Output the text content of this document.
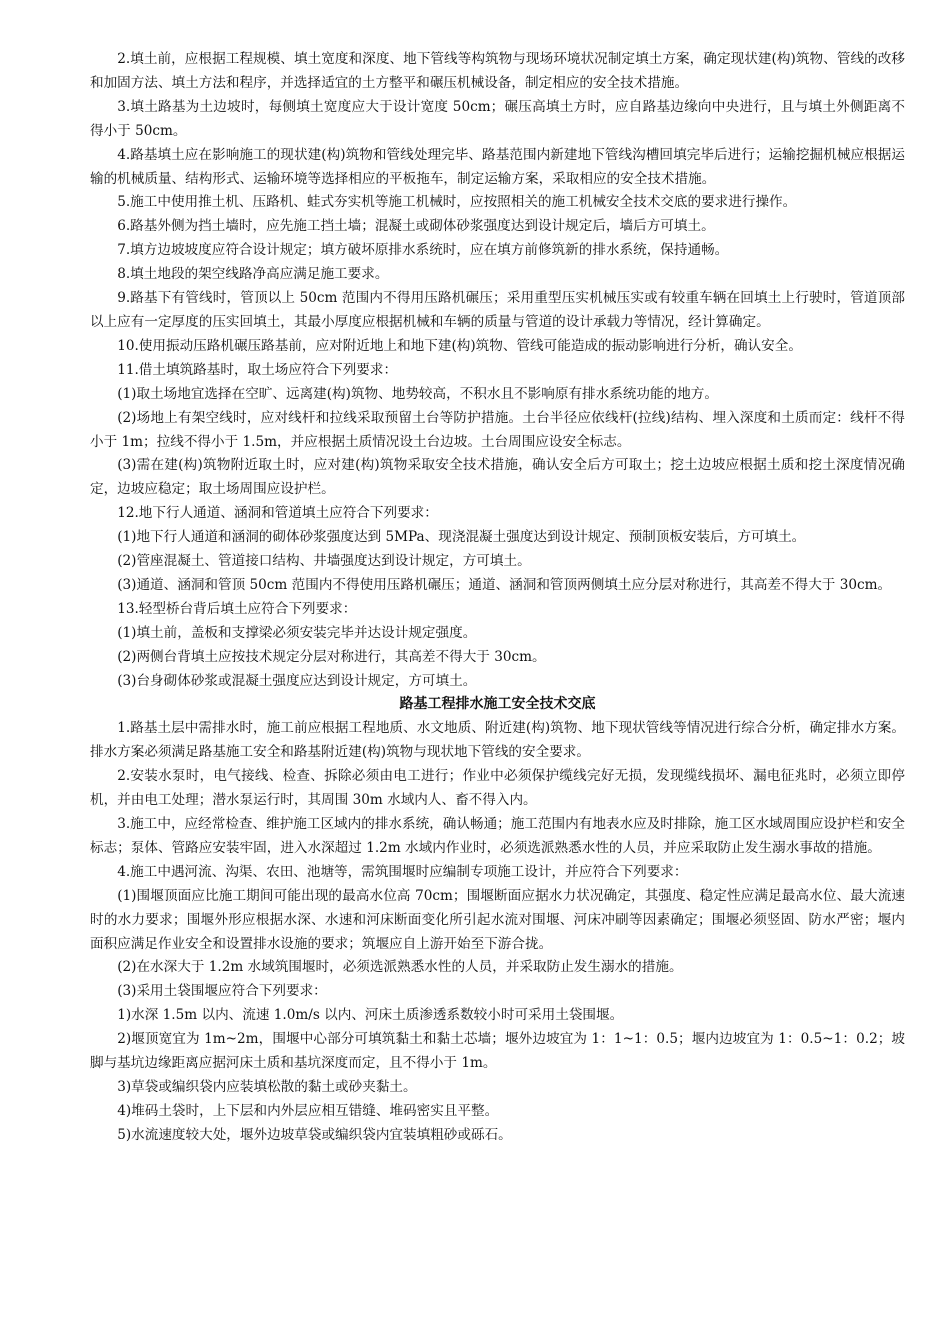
2.填土前，应根据工程规模、填土宽度和深度、地下管线等构筑物与现场环境状况制定填土方案，确定现状建(构)筑物、管线的改移和加固方法、填土方法和程序，并选择适宜的土方整平和碾压机械设备，制定相应的安全技术措施。

3.填土路基为土边坡时，每侧填土宽度应大于设计宽度 50cm；碾压高填土方时，应自路基边缘向中央进行，且与填土外侧距离不得小于 50cm。

4.路基填土应在影响施工的现状建(构)筑物和管线处理完毕、路基范围内新建地下管线沟槽回填完毕后进行；运输挖掘机械应根据运输的机械质量、结构形式、运输环境等选择相应的平板拖车，制定运输方案，采取相应的安全技术措施。

5.施工中使用推土机、压路机、蛙式夯实机等施工机械时，应按照相关的施工机械安全技术交底的要求进行操作。

6.路基外侧为挡土墙时，应先施工挡土墙；混凝土或砌体砂浆强度达到设计规定后，墙后方可填土。

7.填方边坡坡度应符合设计规定；填方破坏原排水系统时，应在填方前修筑新的排水系统，保持通畅。

8.填土地段的架空线路净高应满足施工要求。

9.路基下有管线时，管顶以上 50cm 范围内不得用压路机碾压；采用重型压实机械压实或有较重车辆在回填土上行驶时，管道顶部以上应有一定厚度的压实回填土，其最小厚度应根据机械和车辆的质量与管道的设计承载力等情况，经计算确定。

10.使用振动压路机碾压路基前，应对附近地上和地下建(构)筑物、管线可能造成的振动影响进行分析，确认安全。

11.借土填筑路基时，取土场应符合下列要求：

(1)取土场地宜选择在空旷、远离建(构)筑物、地势较高，不积水且不影响原有排水系统功能的地方。

(2)场地上有架空线时，应对线杆和拉线采取预留土台等防护措施。土台半径应依线杆(拉线)结构、埋入深度和土质而定：线杆不得小于 1m；拉线不得小于 1.5m，并应根据土质情况设土台边坡。土台周围应设安全标志。

(3)需在建(构)筑物附近取土时，应对建(构)筑物采取安全技术措施，确认安全后方可取土；挖土边坡应根据土质和挖土深度情况确定，边坡应稳定；取土场周围应设护栏。

12.地下行人通道、涵洞和管道填土应符合下列要求：

(1)地下行人通道和涵洞的砌体砂浆强度达到 5MPa、现浇混凝土强度达到设计规定、预制顶板安装后，方可填土。

(2)管座混凝土、管道接口结构、井墙强度达到设计规定，方可填土。

(3)通道、涵洞和管顶 50cm 范围内不得使用压路机碾压；通道、涵洞和管顶两侧填土应分层对称进行，其高差不得大于 30cm。

13.轻型桥台背后填土应符合下列要求：

(1)填土前，盖板和支撑梁必须安装完毕并达设计规定强度。

(2)两侧台背填土应按技术规定分层对称进行，其高差不得大于 30cm。

(3)台身砌体砂浆或混凝土强度应达到设计规定，方可填土。

路基工程排水施工安全技术交底

1.路基土层中需排水时，施工前应根据工程地质、水文地质、附近建(构)筑物、地下现状管线等情况进行综合分析，确定排水方案。排水方案必须满足路基施工安全和路基附近建(构)筑物与现状地下管线的安全要求。

2.安装水泵时，电气接线、检查、拆除必须由电工进行；作业中必须保护缆线完好无损，发现缆线损坏、漏电征兆时，必须立即停机，并由电工处理；潜水泵运行时，其周围 30m 水域内人、畜不得入内。

3.施工中，应经常检查、维护施工区域内的排水系统，确认畅通；施工范围内有地表水应及时排除，施工区水域周围应设护栏和安全标志；泵体、管路应安装牢固，进入水深超过 1.2m 水域内作业时，必须选派熟悉水性的人员，并应采取防止发生溺水事故的措施。

4.施工中遇河流、沟渠、农田、池塘等，需筑围堰时应编制专项施工设计，并应符合下列要求：

(1)围堰顶面应比施工期间可能出现的最高水位高 70cm；围堰断面应据水力状况确定，其强度、稳定性应满足最高水位、最大流速时的水力要求；围堰外形应根据水深、水速和河床断面变化所引起水流对围堰、河床冲刷等因素确定；围堰必须竖固、防水严密；堰内面积应满足作业安全和设置排水设施的要求；筑堰应自上游开始至下游合拢。

(2)在水深大于 1.2m 水域筑围堰时，必须选派熟悉水性的人员，并采取防止发生溺水的措施。

(3)采用土袋围堰应符合下列要求：

1)水深 1.5m 以内、流速 1.0m/s 以内、河床土质渗透系数较小时可采用土袋围堰。

2)堰顶宽宜为 1m~2m，围堰中心部分可填筑黏土和黏土芯墙；堰外边坡宜为 1：1~1：0.5；堰内边坡宜为 1：0.5~1：0.2；坡脚与基坑边缘距离应据河床土质和基坑深度而定，且不得小于 1m。

3)草袋或编织袋内应装填松散的黏土或砂夹黏土。

4)堆码土袋时，上下层和内外层应相互错缝、堆码密实且平整。

5)水流速度较大处，堰外边坡草袋或编织袋内宜装填粗砂或砾石。
